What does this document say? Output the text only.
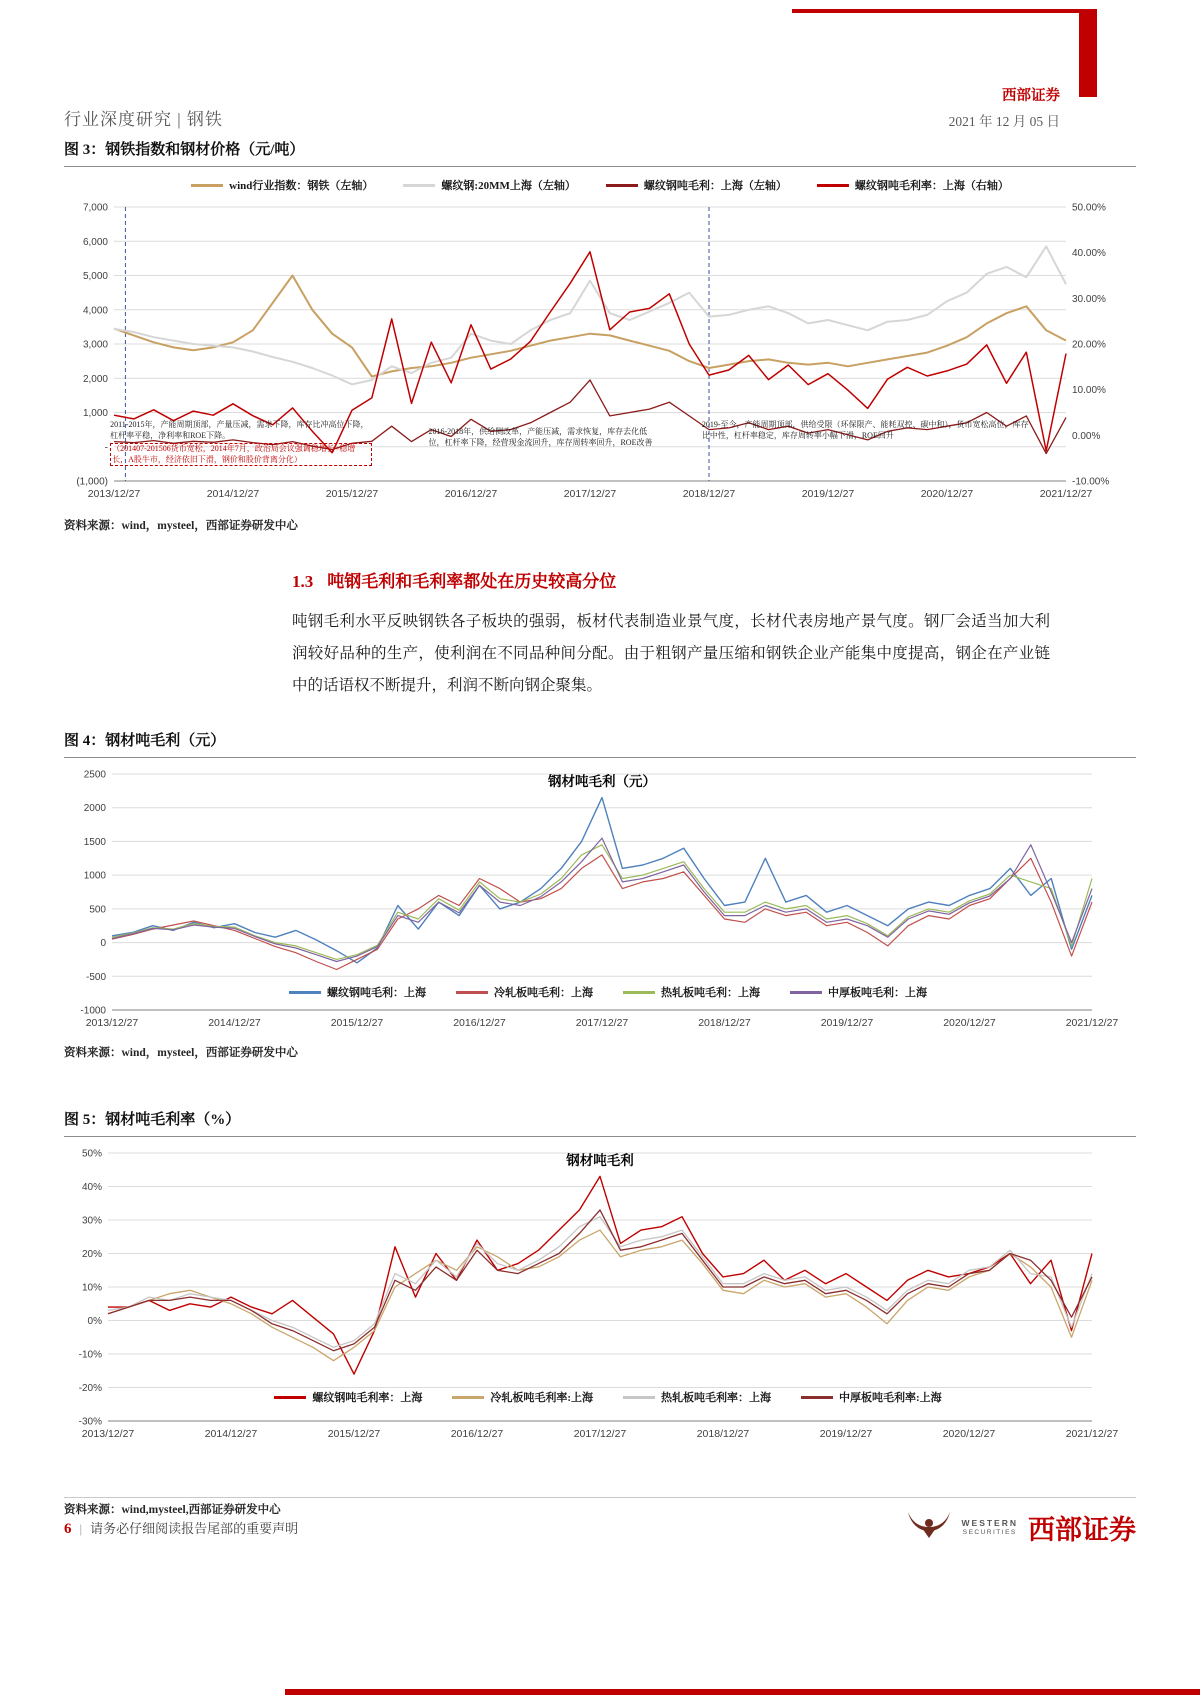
行业深度研究 | 钢铁
西部证券
2021 年 12 月 05 日
图 3：钢铁指数和钢材价格（元/吨）
wind行业指数：钢铁（左轴）	螺纹钢:20MM上海（左轴）	螺纹钢吨毛利：上海（左轴）	螺纹钢吨毛利率：上海（右轴）
7,000
6,000
5,000
4,000
3,000
2,000
1,000
-
(1,000)
50.00%
40.00%
30.00%
20.00%
10.00%
0.00%
-10.00%
2013/12/27	2014/12/27	2015/12/27	2016/12/27	2017/12/27	2018/12/27	2019/12/27	2020/12/27	2021/12/27
2011-2015年，产能周期顶部，产量压减，需求下降，库存比冲高位下降，杠杆率平稳，净利率和ROE下降。
（201407-201506货币宽松，2014年7月，政治局会议强调稳增长+稳增长，A股牛市，经济依旧下滑，钢价和股价背离分化）
2016-2018年，供给侧改革，产能压减，需求恢复，库存去化低位，杠杆率下降，经营现金流回升，库存周转率回升，ROE改善
2019-至今，产能周期顶部，供给受限（环保限产、能耗双控、碳中和），货币宽松高位，库存比中性，杠杆率稳定，库存周转率小幅下滑，ROE回升
资料来源：wind，mysteel，西部证券研发中心
1.3 吨钢毛利和毛利率都处在历史较高分位

吨钢毛利水平反映钢铁各子板块的强弱，板材代表制造业景气度，长材代表房地产景气度。钢厂会适当加大利润较好品种的生产，使利润在不同品种间分配。由于粗钢产量压缩和钢铁企业产能集中度提高，钢企在产业链中的话语权不断提升，利润不断向钢企聚集。

图 4：钢材吨毛利（元）
2500
2000
1500
1000
500
0
-500
-1000
2013/12/27	2014/12/27	2015/12/27	2016/12/27	2017/12/27	2018/12/27	2019/12/27	2020/12/27	2021/12/27
钢材吨毛利（元）
螺纹钢吨毛利：上海	冷轧板吨毛利：上海	热轧板吨毛利：上海	中厚板吨毛利：上海
资料来源：wind，mysteel，西部证券研发中心
图 5：钢材吨毛利率（%）
50%
40%
30%
20%
10%
0%
-10%
-20%
-30%
2013/12/27	2014/12/27	2015/12/27	2016/12/27	2017/12/27	2018/12/27	2019/12/27	2020/12/27	2021/12/27
钢材吨毛利
螺纹钢吨毛利率：上海	冷轧板吨毛利率:上海	热轧板吨毛利率：上海	中厚板吨毛利率:上海
资料来源：wind,mysteel,西部证券研发中心
6 | 请务必仔细阅读报告尾部的重要声明	WESTERN
SECURITIES 西部证券
